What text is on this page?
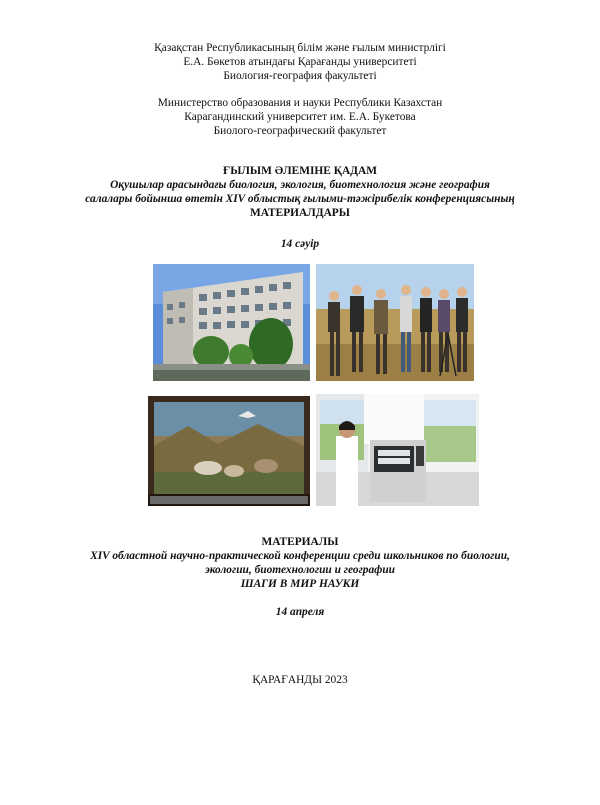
Қазақстан Республикасының білім және ғылым министрлігі
Е.А. Бөкетов атындағы Қарағанды университеті
Биология-география факультеті
Министерство образования и науки Республики Казахстан
Карагандинский университет им. Е.А. Букетова
Биолого-географический факультет
ҒЫЛЫМ ӘЛЕМІНЕ ҚАДАМ
Оқушылар арасындағы биология, экология, биотехнология және география
салалары бойынша өтетін XIV облыстық ғылыми-тәжірибелік конференциясының
МАТЕРИАЛДАРЫ
14 сәуір
МАТЕРИАЛЫ
XIV областной научно-практической конференции среди школьников по биологии,
экологии, биотехнологии и географии
ШАГИ В МИР НАУКИ
14 апреля
ҚАРАҒАНДЫ 2023
